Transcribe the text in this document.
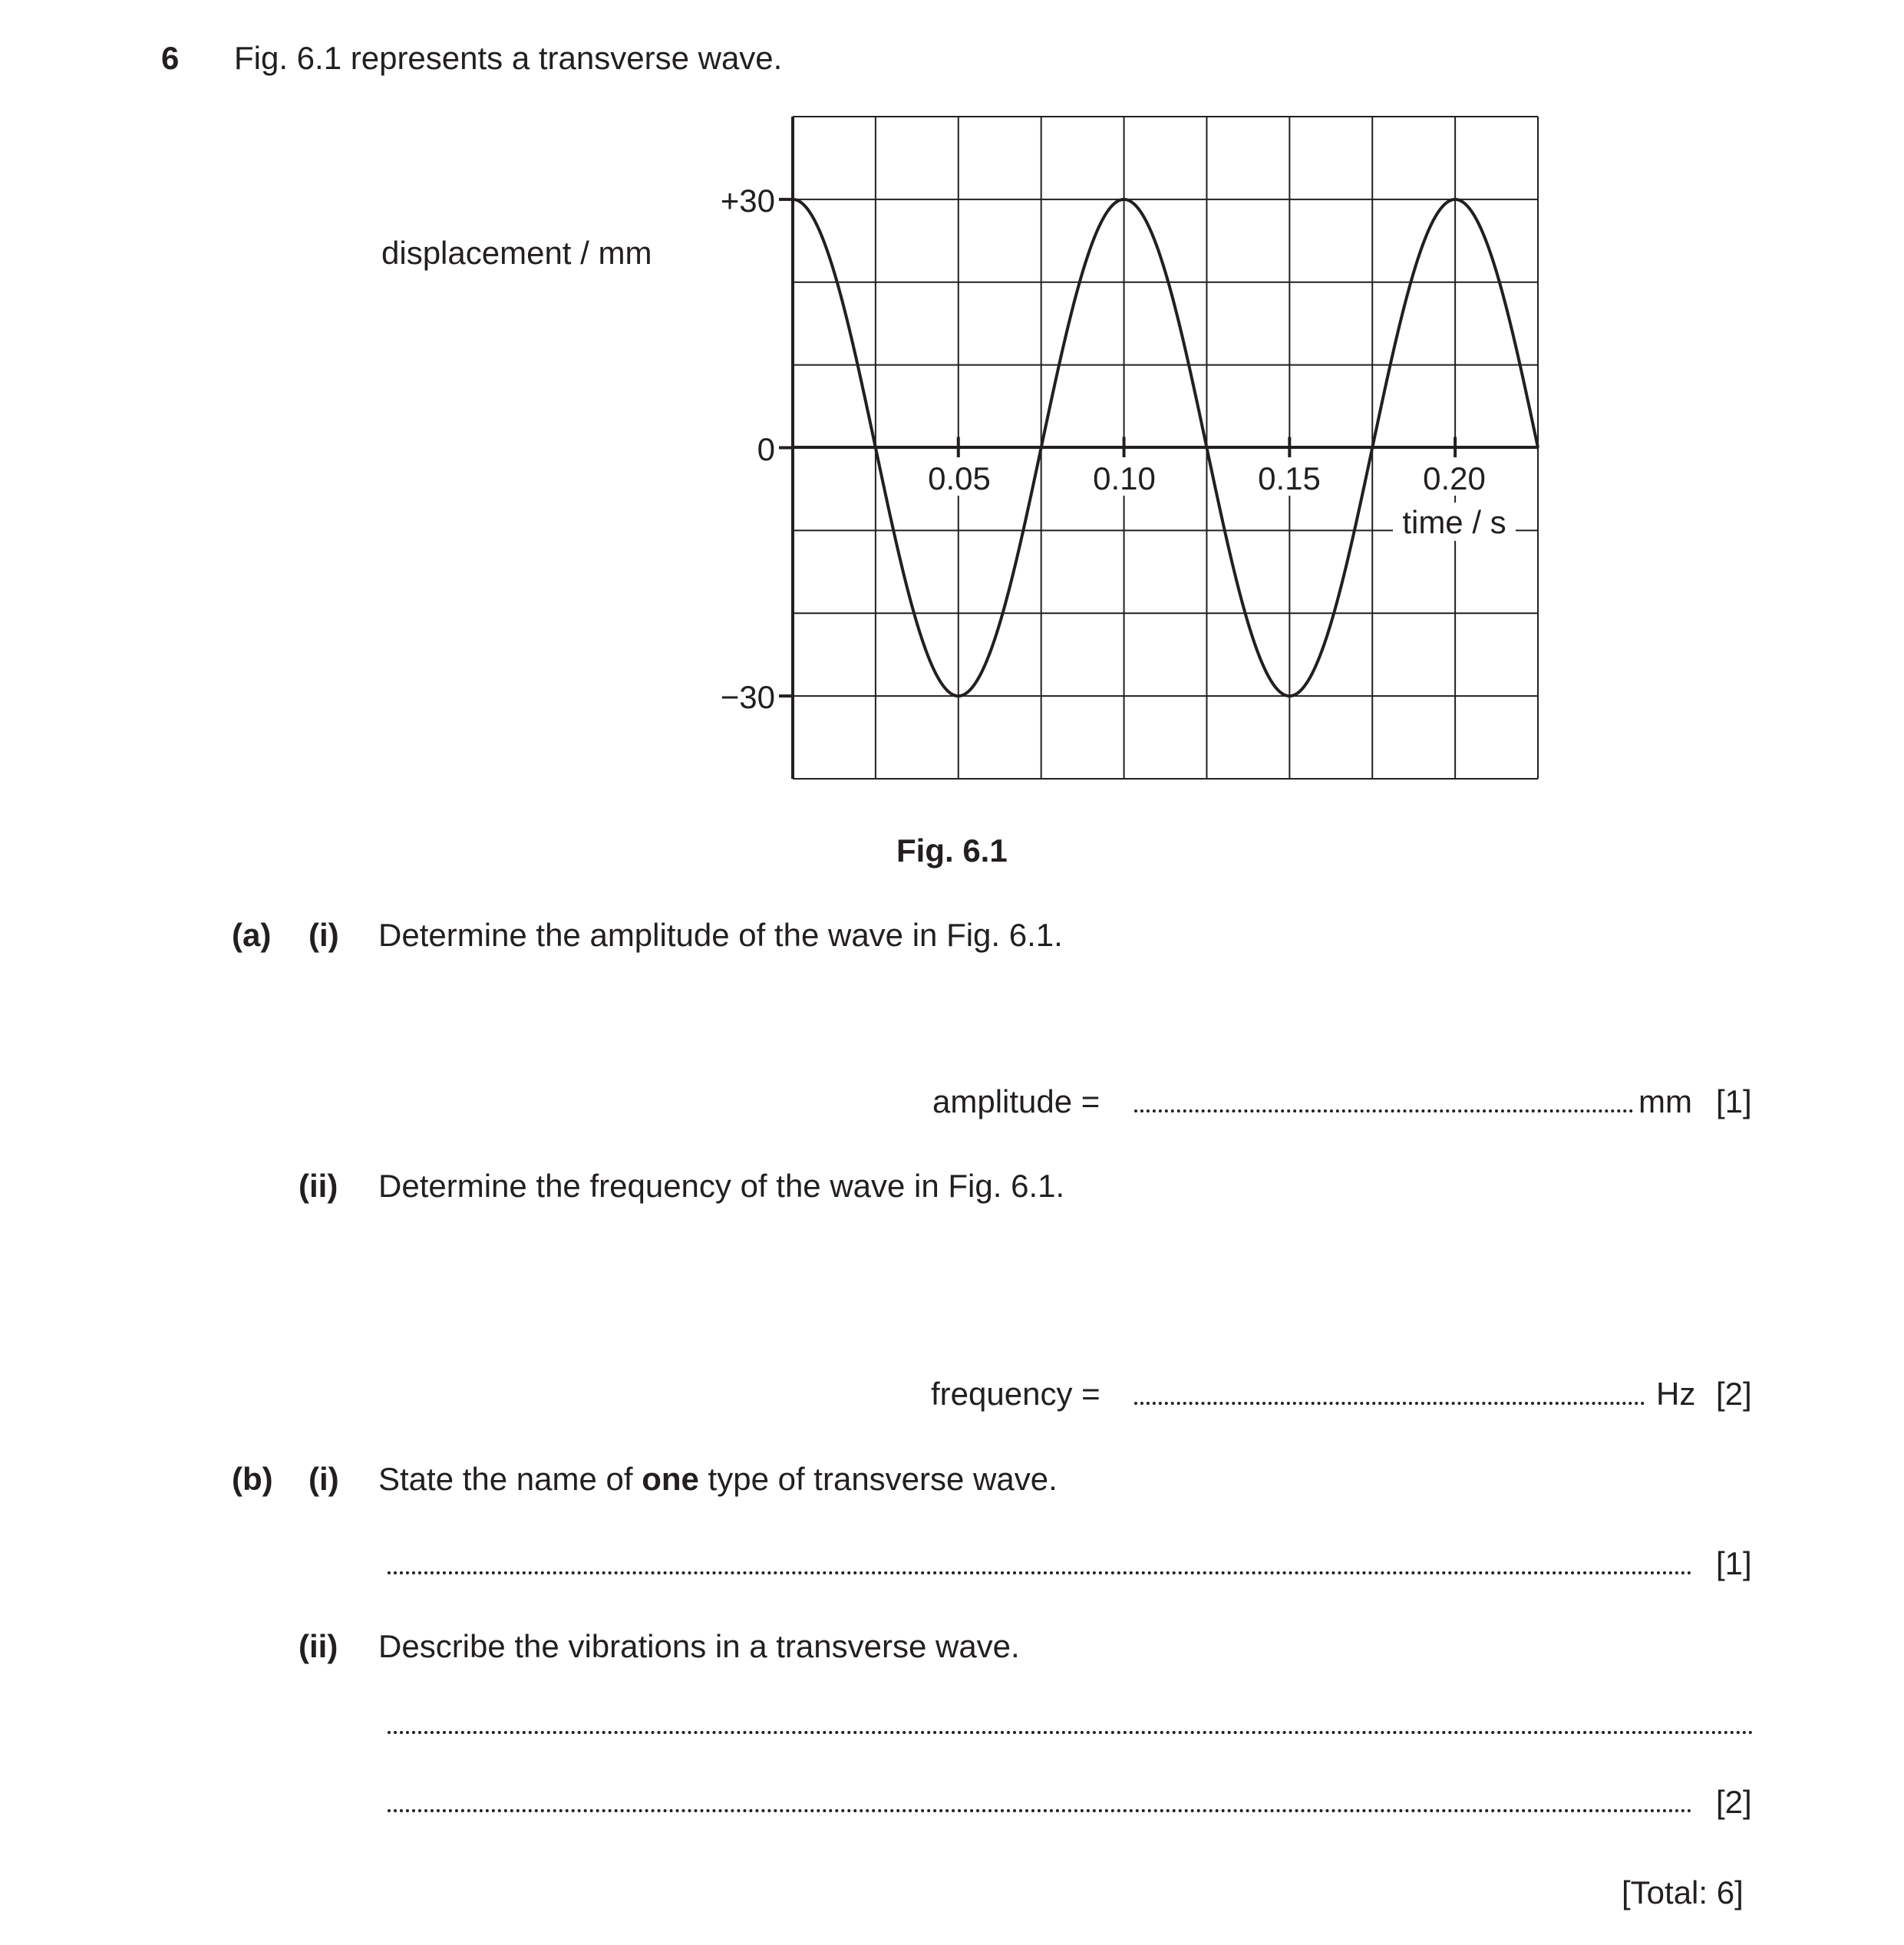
6 Fig. 6.1 represents a transverse wave.
displacement / mm
+30
0
−30
0.05	0.10	0.15	0.20
time / s
Fig. 6.1
(a) (i) Determine the amplitude of the wave in Fig. 6.1.
amplitude =	mm [1]
(ii) Determine the frequency of the wave in Fig. 6.1.
frequency =	Hz [2]
(b) (i) State the name of one type of transverse wave.
[1]
(ii) Describe the vibrations in a transverse wave.
[2]
[Total: 6]
